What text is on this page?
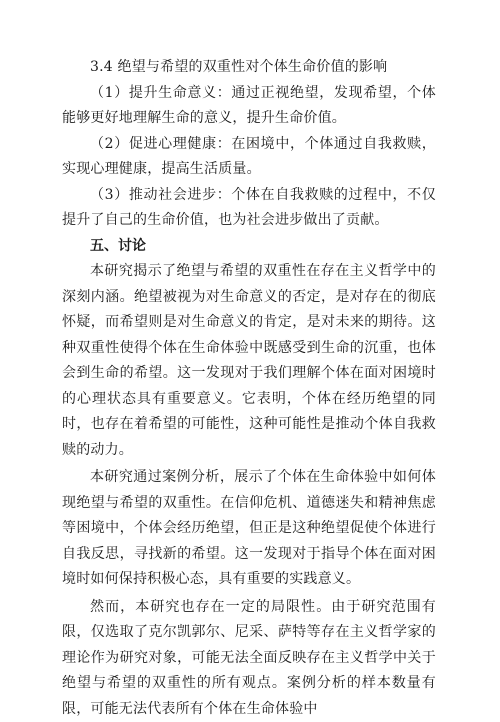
3.4 绝望与希望的双重性对个体生命价值的影响

（1）提升生命意义：通过正视绝望，发现希望，个体能够更好地理解生命的意义，提升生命价值。

（2）促进心理健康：在困境中，个体通过自我救赎，实现心理健康，提高生活质量。

（3）推动社会进步：个体在自我救赎的过程中，不仅提升了自己的生命价值，也为社会进步做出了贡献。

五、讨论

本研究揭示了绝望与希望的双重性在存在主义哲学中的深刻内涵。绝望被视为对生命意义的否定，是对存在的彻底怀疑，而希望则是对生命意义的肯定，是对未来的期待。这种双重性使得个体在生命体验中既感受到生命的沉重，也体会到生命的希望。这一发现对于我们理解个体在面对困境时的心理状态具有重要意义。它表明，个体在经历绝望的同时，也存在着希望的可能性，这种可能性是推动个体自我救赎的动力。

本研究通过案例分析，展示了个体在生命体验中如何体现绝望与希望的双重性。在信仰危机、道德迷失和精神焦虑等困境中，个体会经历绝望，但正是这种绝望促使个体进行自我反思，寻找新的希望。这一发现对于指导个体在面对困境时如何保持积极心态，具有重要的实践意义。

然而，本研究也存在一定的局限性。由于研究范围有限，仅选取了克尔凯郭尔、尼采、萨特等存在主义哲学家的理论作为研究对象，可能无法全面反映存在主义哲学中关于绝望与希望的双重性的所有观点。案例分析的样本数量有限，可能无法代表所有个体在生命体验中
